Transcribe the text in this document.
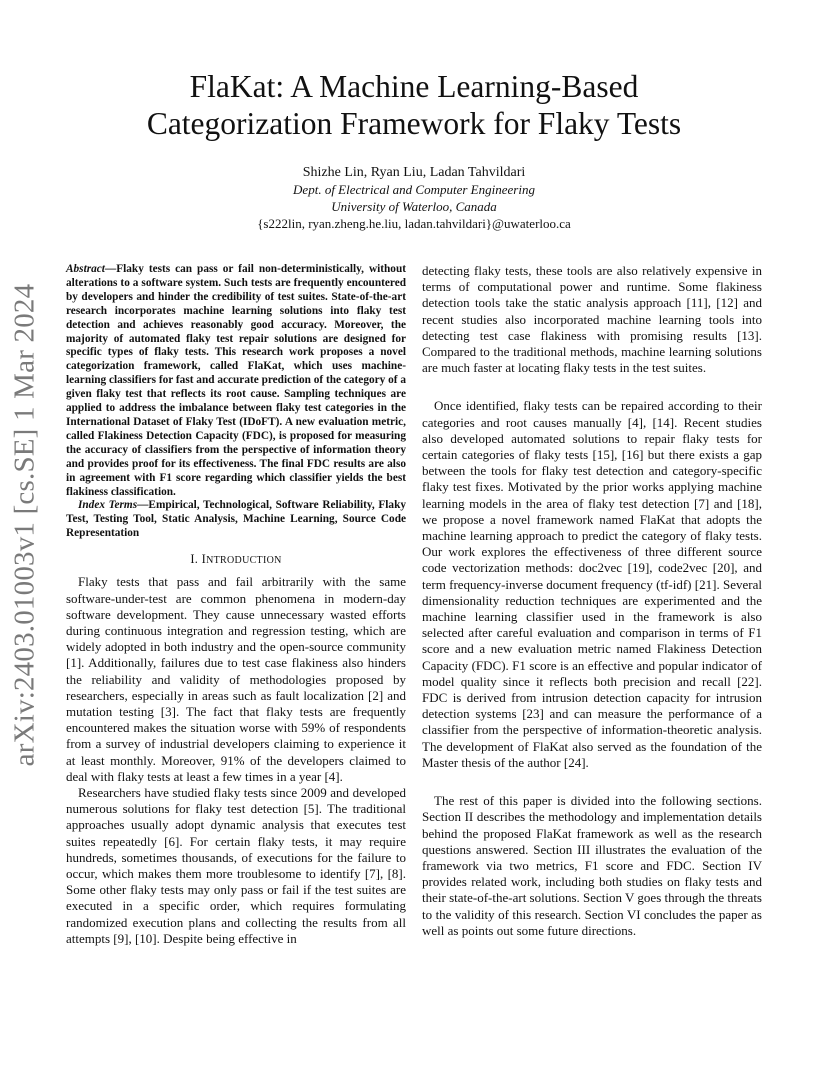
arXiv:2403.01003v1 [cs.SE] 1 Mar 2024
FlaKat: A Machine Learning-Based
Categorization Framework for Flaky Tests
Shizhe Lin, Ryan Liu, Ladan Tahvildari
Dept. of Electrical and Computer Engineering
University of Waterloo, Canada
{s222lin, ryan.zheng.he.liu, ladan.tahvildari}@uwaterloo.ca
Abstract—Flaky tests can pass or fail non-deterministically, without alterations to a software system. Such tests are frequently encountered by developers and hinder the credibility of test suites. State-of-the-art research incorporates machine learning solutions into flaky test detection and achieves reasonably good accuracy. Moreover, the majority of automated flaky test repair solutions are designed for specific types of flaky tests. This research work proposes a novel categorization framework, called FlaKat, which uses machine-learning classifiers for fast and accurate prediction of the category of a given flaky test that reflects its root cause. Sampling techniques are applied to address the imbalance between flaky test categories in the International Dataset of Flaky Test (IDoFT). A new evaluation metric, called Flakiness Detection Capacity (FDC), is proposed for measuring the accuracy of classifiers from the perspective of information theory and provides proof for its effectiveness. The final FDC results are also in agreement with F1 score regarding which classifier yields the best flakiness classification.
Index Terms—Empirical, Technological, Software Reliability, Flaky Test, Testing Tool, Static Analysis, Machine Learning, Source Code Representation
I. INTRODUCTION

Flaky tests that pass and fail arbitrarily with the same software-under-test are common phenomena in modern-day software development. They cause unnecessary wasted efforts during continuous integration and regression testing, which are widely adopted in both industry and the open-source community [1]. Additionally, failures due to test case flakiness also hinders the reliability and validity of methodologies proposed by researchers, especially in areas such as fault localization [2] and mutation testing [3]. The fact that flaky tests are frequently encountered makes the situation worse with 59% of respondents from a survey of industrial developers claiming to experience it at least monthly. Moreover, 91% of the developers claimed to deal with flaky tests at least a few times in a year [4].

Researchers have studied flaky tests since 2009 and developed numerous solutions for flaky test detection [5]. The traditional approaches usually adopt dynamic analysis that executes test suites repeatedly [6]. For certain flaky tests, it may require hundreds, sometimes thousands, of executions for the failure to occur, which makes them more troublesome to identify [7], [8]. Some other flaky tests may only pass or fail if the test suites are executed in a specific order, which requires formulating randomized execution plans and collecting the results from all attempts [9], [10]. Despite being effective in

detecting flaky tests, these tools are also relatively expensive in terms of computational power and runtime. Some flakiness detection tools take the static analysis approach [11], [12] and recent studies also incorporated machine learning tools into detecting test case flakiness with promising results [13]. Compared to the traditional methods, machine learning solutions are much faster at locating flaky tests in the test suites.

Once identified, flaky tests can be repaired according to their categories and root causes manually [4], [14]. Recent studies also developed automated solutions to repair flaky tests for certain categories of flaky tests [15], [16] but there exists a gap between the tools for flaky test detection and category-specific flaky test fixes. Motivated by the prior works applying machine learning models in the area of flaky test detection [7] and [18], we propose a novel framework named FlaKat that adopts the machine learning approach to predict the category of flaky tests. Our work explores the effectiveness of three different source code vectorization methods: doc2vec [19], code2vec [20], and term frequency-inverse document frequency (tf-idf) [21]. Several dimensionality reduction techniques are experimented and the machine learning classifier used in the framework is also selected after careful evaluation and comparison in terms of F1 score and a new evaluation metric named Flakiness Detection Capacity (FDC). F1 score is an effective and popular indicator of model quality since it reflects both precision and recall [22]. FDC is derived from intrusion detection capacity for intrusion detection systems [23] and can measure the performance of a classifier from the perspective of information-theoretic analysis. The development of FlaKat also served as the foundation of the Master thesis of the author [24].

The rest of this paper is divided into the following sections. Section II describes the methodology and implementation details behind the proposed FlaKat framework as well as the research questions answered. Section III illustrates the evaluation of the framework via two metrics, F1 score and FDC. Section IV provides related work, including both studies on flaky tests and their state-of-the-art solutions. Section V goes through the threats to the validity of this research. Section VI concludes the paper as well as points out some future directions.
